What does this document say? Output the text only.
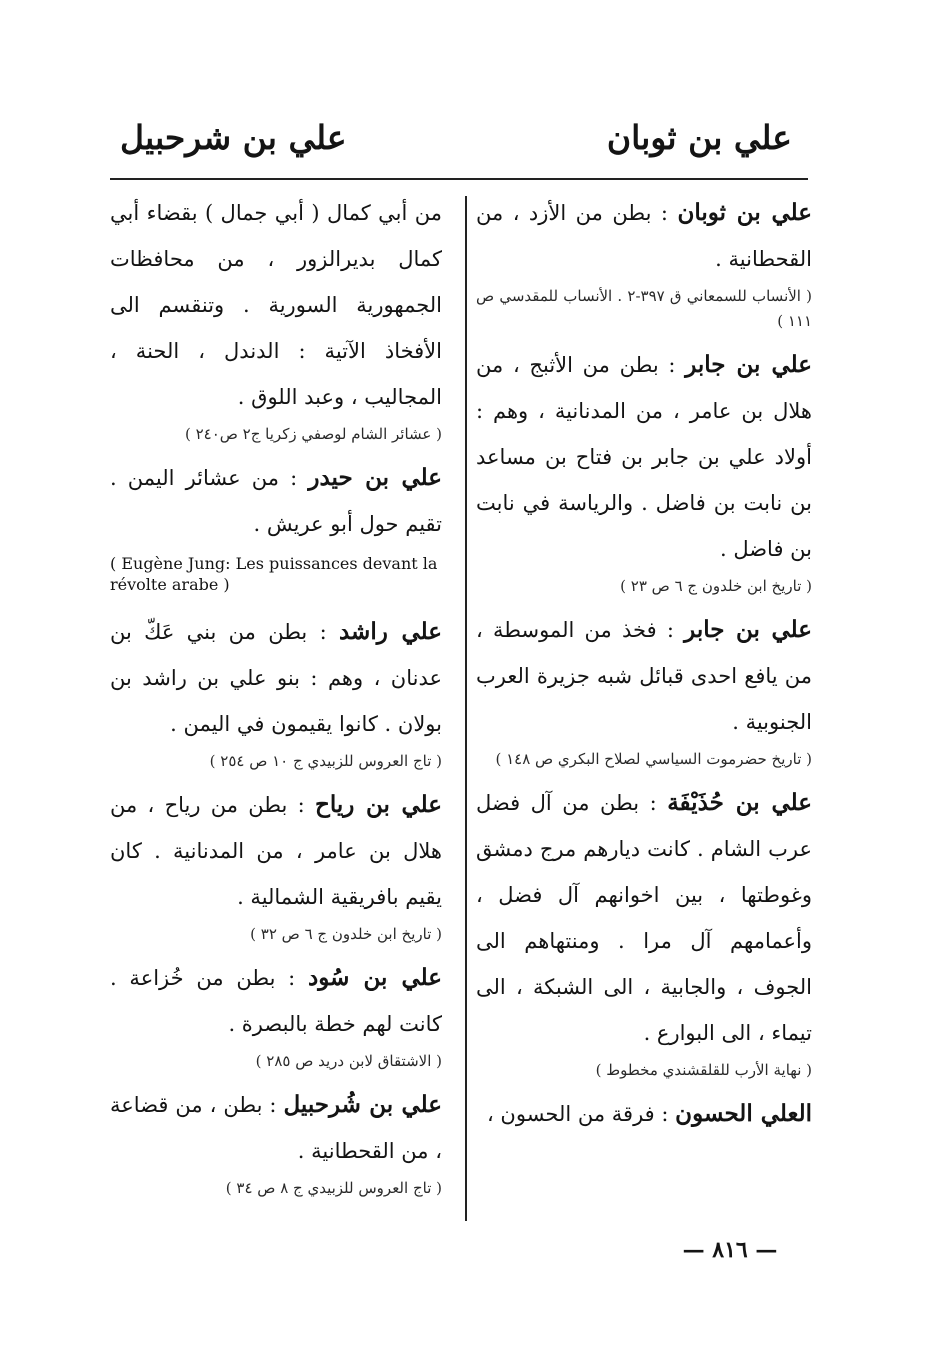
علي بن ثوبان
علي بن شرحبيل

علي بن ثوبان : بطن من الأزد ، من القحطانية .

( الأنساب للسمعاني ق ۳۹۷-۲ . الأنساب للمقدسي ص ۱۱۱ )

علي بن جابر : بطن من الأثبج ، من هلال بن عامر ، من المدنانية ، وهم : أولاد علي بن جابر بن فتاح بن مساعد بن نابت بن فاضل . والرياسة في نابت بن فاضل .

( تاريخ ابن خلدون ج ٦ ص ٢٣ )

علي بن جابر : فخذ من الموسطة ، من يافع احدى قبائل شبه جزيرة العرب الجنوبية .

( تاريخ حضرموت السياسي لصلاح البكري ص ١٤٨ )

علي بن حُذَيْفَة : بطن من آل فضل عرب الشام . كانت ديارهم مرج دمشق وغوطتها ، بين اخوانهم آل فضل ، وأعمامهم آل مرا . ومنتهاهم الى الجوف ، والجابية ، الى الشبكة ، الى تيماء ، الى البوارع .

( نهاية الأرب للقلقشندي مخطوط )

العلي الحسون : فرقة من الحسون ،

من أبي كمال ( أبي جمال ) بقضاء أبي كمال بديرالزور ، من محافظات الجمهورية السورية . وتنقسم الى الأفخاذ الآتية : الدندل ، الحنة ، المجاليب ، وعبد اللوق .

( عشائر الشام لوصفي زكريا ج٢ ص٢٤٠ )

علي بن حيدر : من عشائر اليمن . تقيم حول أبو عريش .

( Eugène Jung: Les puissances devant la révolte arabe )

علي راشد : بطن من بني عَكّ بن عدنان ، وهم : بنو علي بن راشد بن بولان . كانوا يقيمون في اليمن .

( تاج العروس للزبيدي ج ١٠ ص ٢٥٤ )

علي بن رياح : بطن من رياح ، من هلال بن عامر ، من المدنانية . كان يقيم بافريقية الشمالية .

( تاريخ ابن خلدون ج ٦ ص ٣٢ )

علي بن سُود : بطن من خُزاعة . كانت لهم خطة بالبصرة .

( الاشتقاق لابن دريد ص ٢٨٥ )

علي بن شُرحبيل : بطن ، من قضاعة ، من القحطانية .

( تاج العروس للزبيدي ج ٨ ص ٣٤ )
— ٨١٦ —
